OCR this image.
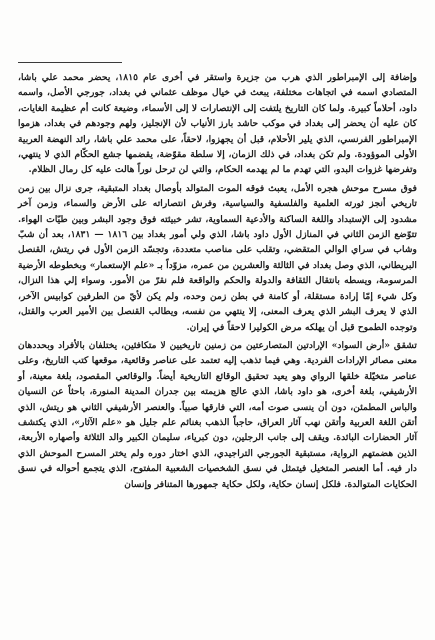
وإضافة إلى الإمبراطور الذي هرب من جزيرة واستقر في أخرى عام ١٨١٥، يحضر محمد علي باشا، المتصادي اسمه في اتجاهات مختلفة، يبعث في خيال موظف عثماني في بغداد، جورجي الأصل، واسمه داود، أحلاماً كبيرة. ولما كان التاريخ يلتفت إلى الإنتصارات لا إلى الأسماء، وضيعة كانت أم عظيمة الغايات، كان عليه أن يحضر إلى بغداد في موكب حاشد بارز الأنياب لأن الإنجليز، ولهم وجودهم في بغداد، هزموا الإمبراطور الفرنسي، الذي يلير الأحلام، قبل أن يجهزوا، لاحقاً، على محمد علي باشا، رائد النهضة العربية الأولى الموؤودة. ولم تكن بغداد، في ذلك الزمان، إلا سلطة مقوّضة، يقضمها جشع الحكّام الذي لا ينتهي، وتفرضها غزوات البدو، التي تهدم ما لم يهدمه الحكام، والتي لن ترحل نوراً هالت عليه كل رمال الظلام.

فوق مسرح موحش هجره الأمل، يعبث فوقه الموت المتوالد بأوصال بغداد المتبقية، جرى نزال بين زمن تاريخي أنجز ثورته العلمية والفلسفية والسياسية، وفرش انتصاراته على الأرض والسماء، وزمن آخر مشدود إلى الإستبداد واللغة الساكنة والأدعية السماوية، تشر خبيئته فوق وجود البشر وبين طيّات الهواء. تتوّضع الزمن الثاني في المنازل الأول داود باشا، الذي ولي أمور بغداد بين ١٨١٦ — ١٨٣١، بعد أن شبّ وشاب في سراي الوالي المتقضي، وتقلب على مناصب متعددة، وتجسّد الزمن الأول في ريتش، القنصل البريطاني، الذي وصل بغداد في الثالثة والعشرين من عمره، مزوّداً بـ «علم الإستعمار» وبخطوطه الأرضية المرسومة، ويسطه بانتقال الثقافة والدولة والحكم والواقعة فلم نقرّ من الأمور. وسواء إلي هذا النزال، وكل شيء إمّا إرادة مستقلة، أو كامنة في بطن زمن وحده، ولم يكن لأيّ من الطرفين كوابيس الآخر، الذي لا يعرف البشر الذي يعرف المعنى، إلا ينتهي من نفسه، ويطالب القنصل بين الأمير العرب والقتل، وتوجده الطموح قبل أن يهلكه مرض الكوليرا لاحقاً في إيران.

تشقق «أرض السواد» الإرادتين المتصارعتين من زمنين تاريخيين لا متكافئين، يختلفان بالأفراد وبحددهان معنى مصائر الإرادات الفردية. وهي فيما تذهب إليه تعتمد على عناصر وقائعية، موقعها كتب التاريخ، وعلى عناصر متخيّلة خلقها الرواي وهو يعيد تحقيق الوقائع التاريخية أيضاً. والوقائعي المقصود، بلغة معينة، أو الأرشيفي، بلغة أخرى، هو داود باشا، الذي عالج هزيمته بين جدران المدينة المنورة، باحثاً عن النسيان والباس المطمئن، دون أن ينسى صوت أمه، التي فارقها صبياً. والعنصر الأرشيفي الثاني هو ريتش، الذي أتقن اللغة العربية وأتقن نهب آثار العراق، حاجباً الذهب بغنائم علم جليل هو «علم الآثار»، الذي يكتشف آثار الحضارات البائدة. ويقف إلى جانب الرجلين، دون كبرياء، سليمان الكبير والد الثلاثة وأصهاره الأربعة، الذين هضمتهم الرواية، مستبقية الجورجي التراجيدي، الذي اختار دوره ولم يختر المسرح الموحش الذي دار فيه. أما العنصر المتخيل فيتمثل في نسق الشخصيات الشعبية المفتوح، الذي يتجمع أحواله في نسق الحكايات المتوالدة. فلكل إنسان حكاية، ولكل حكاية جمهورها المتنافر وإنسان
